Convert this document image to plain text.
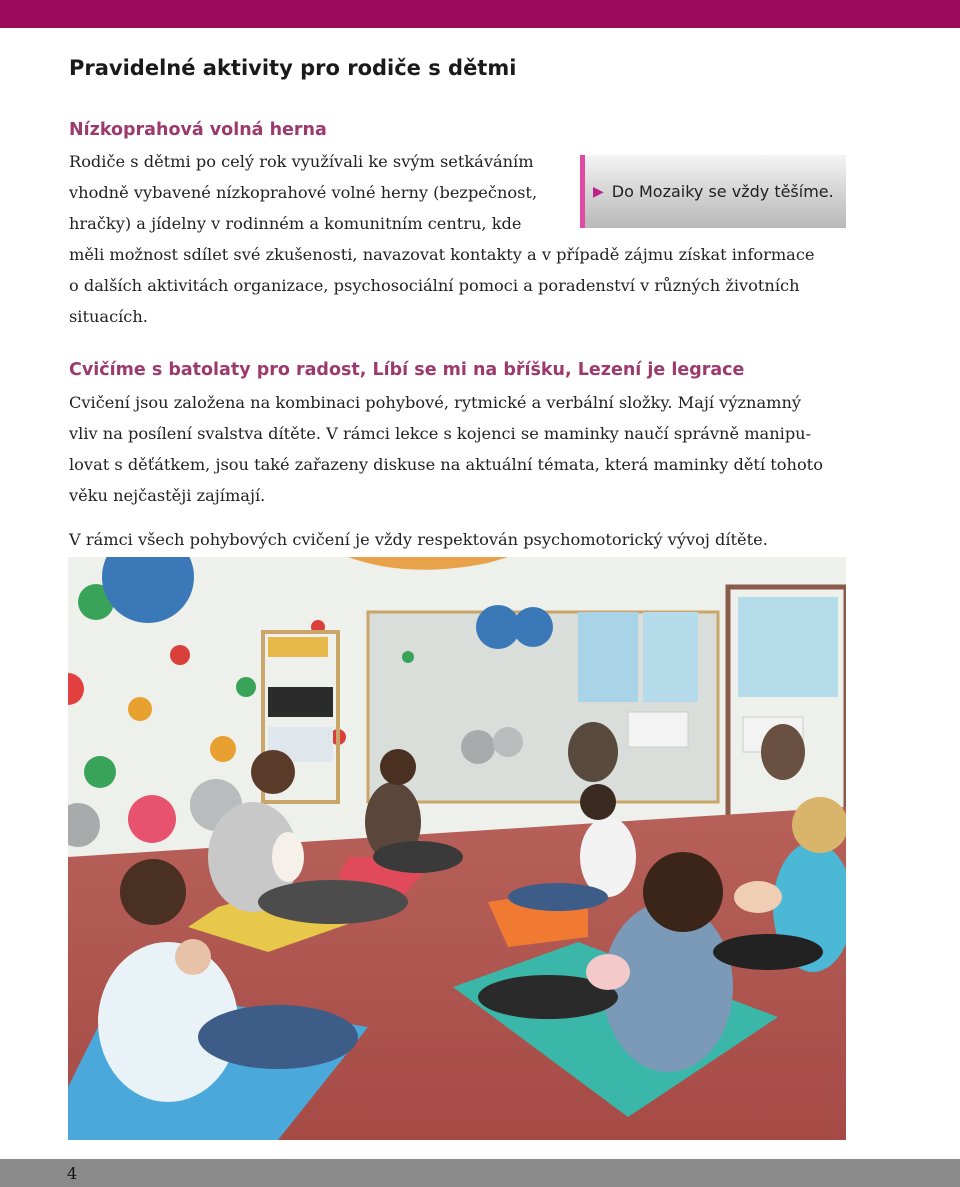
Pravidelné aktivity pro rodiče s dětmi
Nízkoprahová volná herna
Rodiče s dětmi po celý rok využívali ke svým setkáváním
vhodně vybavené nízkoprahové volné herny (bezpečnost,
hračky) a jídelny v rodinném a komunitním centru, kde
měli možnost sdílet své zkušenosti, navazovat kontakty a v případě zájmu získat informace
o dalších aktivitách organizace, psychosociální pomoci a poradenství v různých životních
situacích.
▶ Do Mozaiky se vždy těšíme.
Cvičíme s batolaty pro radost, Líbí se mi na bříšku, Lezení je legrace
Cvičení jsou založena na kombinaci pohybové, rytmické a verbální složky. Mají významný
vliv na posílení svalstva dítěte. V rámci lekce s kojenci se maminky naučí správně manipu-
lovat s děťátkem, jsou také zařazeny diskuse na aktuální témata, která maminky dětí tohoto
věku nejčastěji zajímají.
V rámci všech pohybových cvičení je vždy respektován psychomotorický vývoj dítěte.
4
